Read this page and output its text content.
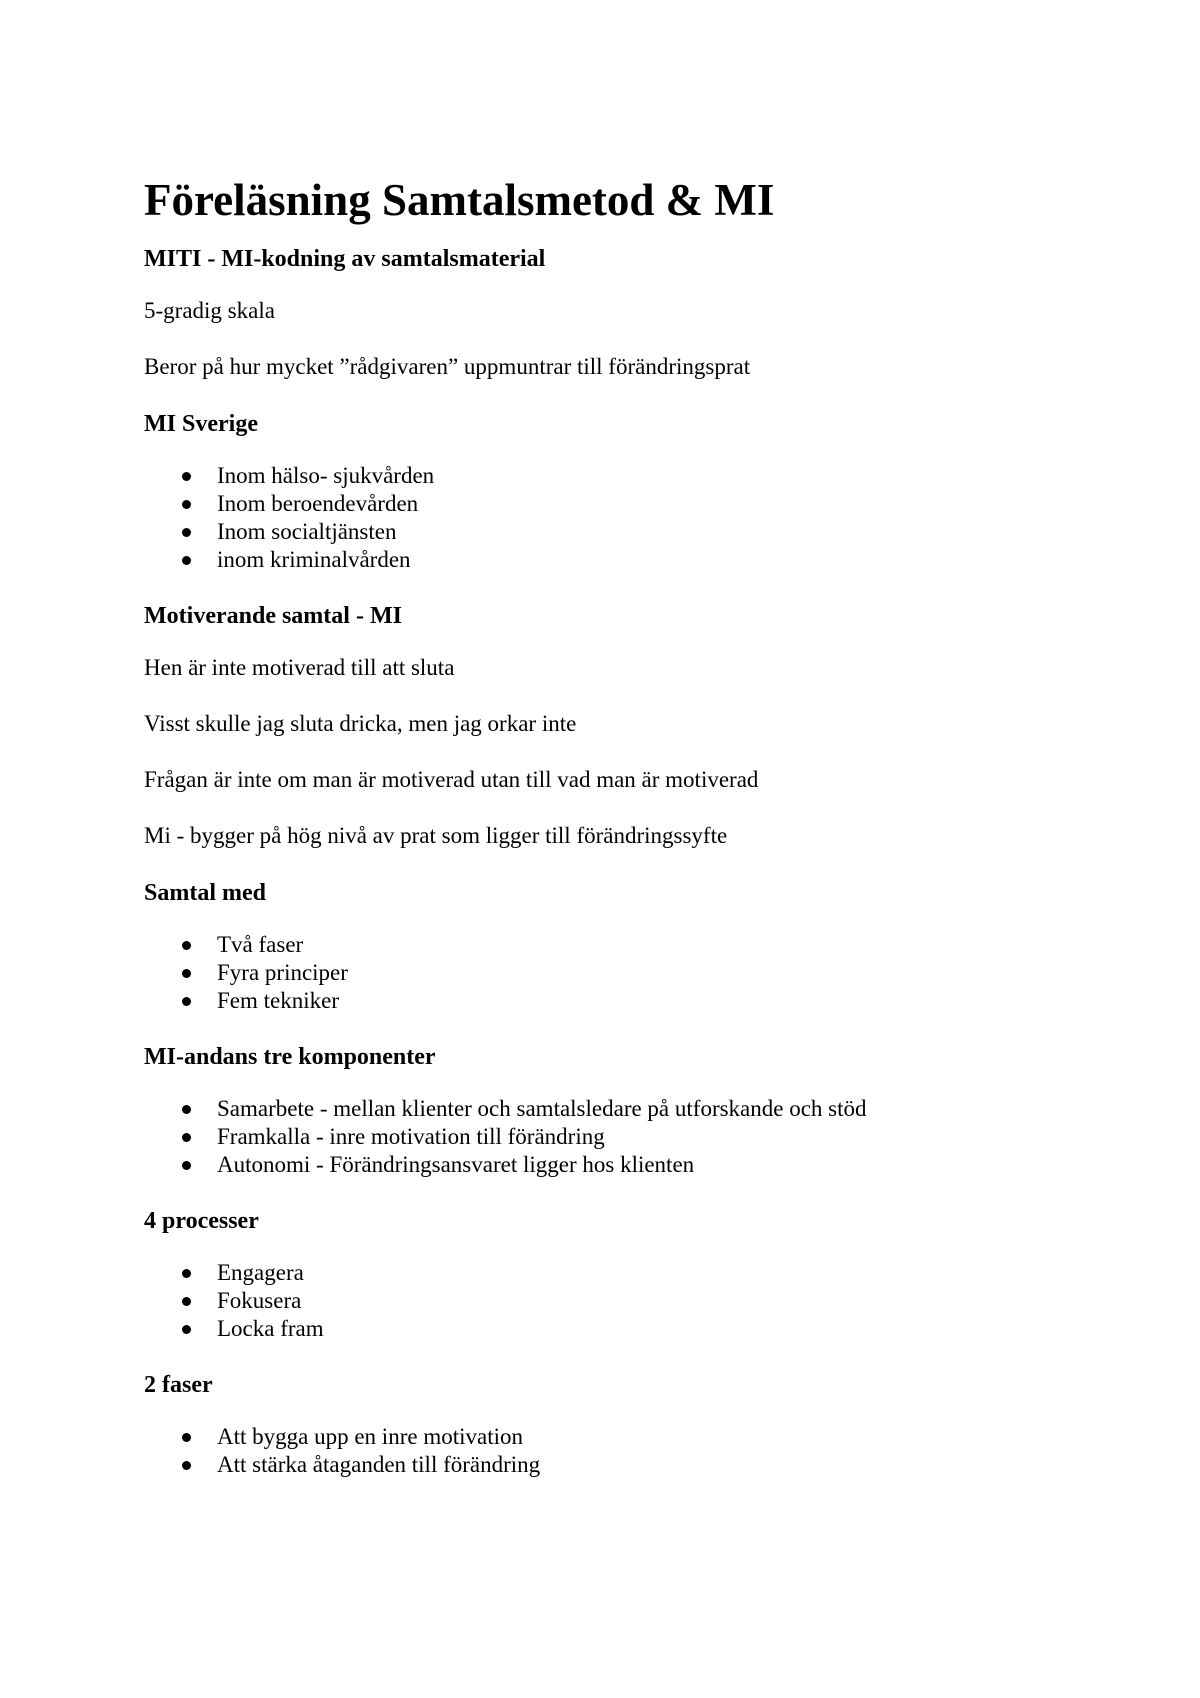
Föreläsning Samtalsmetod & MI
MITI - MI-kodning av samtalsmaterial

5-gradig skala

Beror på hur mycket ”rådgivaren” uppmuntrar till förändringsprat

MI Sverige
Inom hälso- sjukvården
Inom beroendevården
Inom socialtjänsten
inom kriminalvården
Motiverande samtal - MI

Hen är inte motiverad till att sluta

Visst skulle jag sluta dricka, men jag orkar inte

Frågan är inte om man är motiverad utan till vad man är motiverad

Mi - bygger på hög nivå av prat som ligger till förändringssyfte

Samtal med
Två faser
Fyra principer
Fem tekniker
MI-andans tre komponenter
Samarbete - mellan klienter och samtalsledare på utforskande och stöd
Framkalla - inre motivation till förändring
Autonomi - Förändringsansvaret ligger hos klienten
4 processer
Engagera
Fokusera
Locka fram
2 faser
Att bygga upp en inre motivation
Att stärka åtaganden till förändring
